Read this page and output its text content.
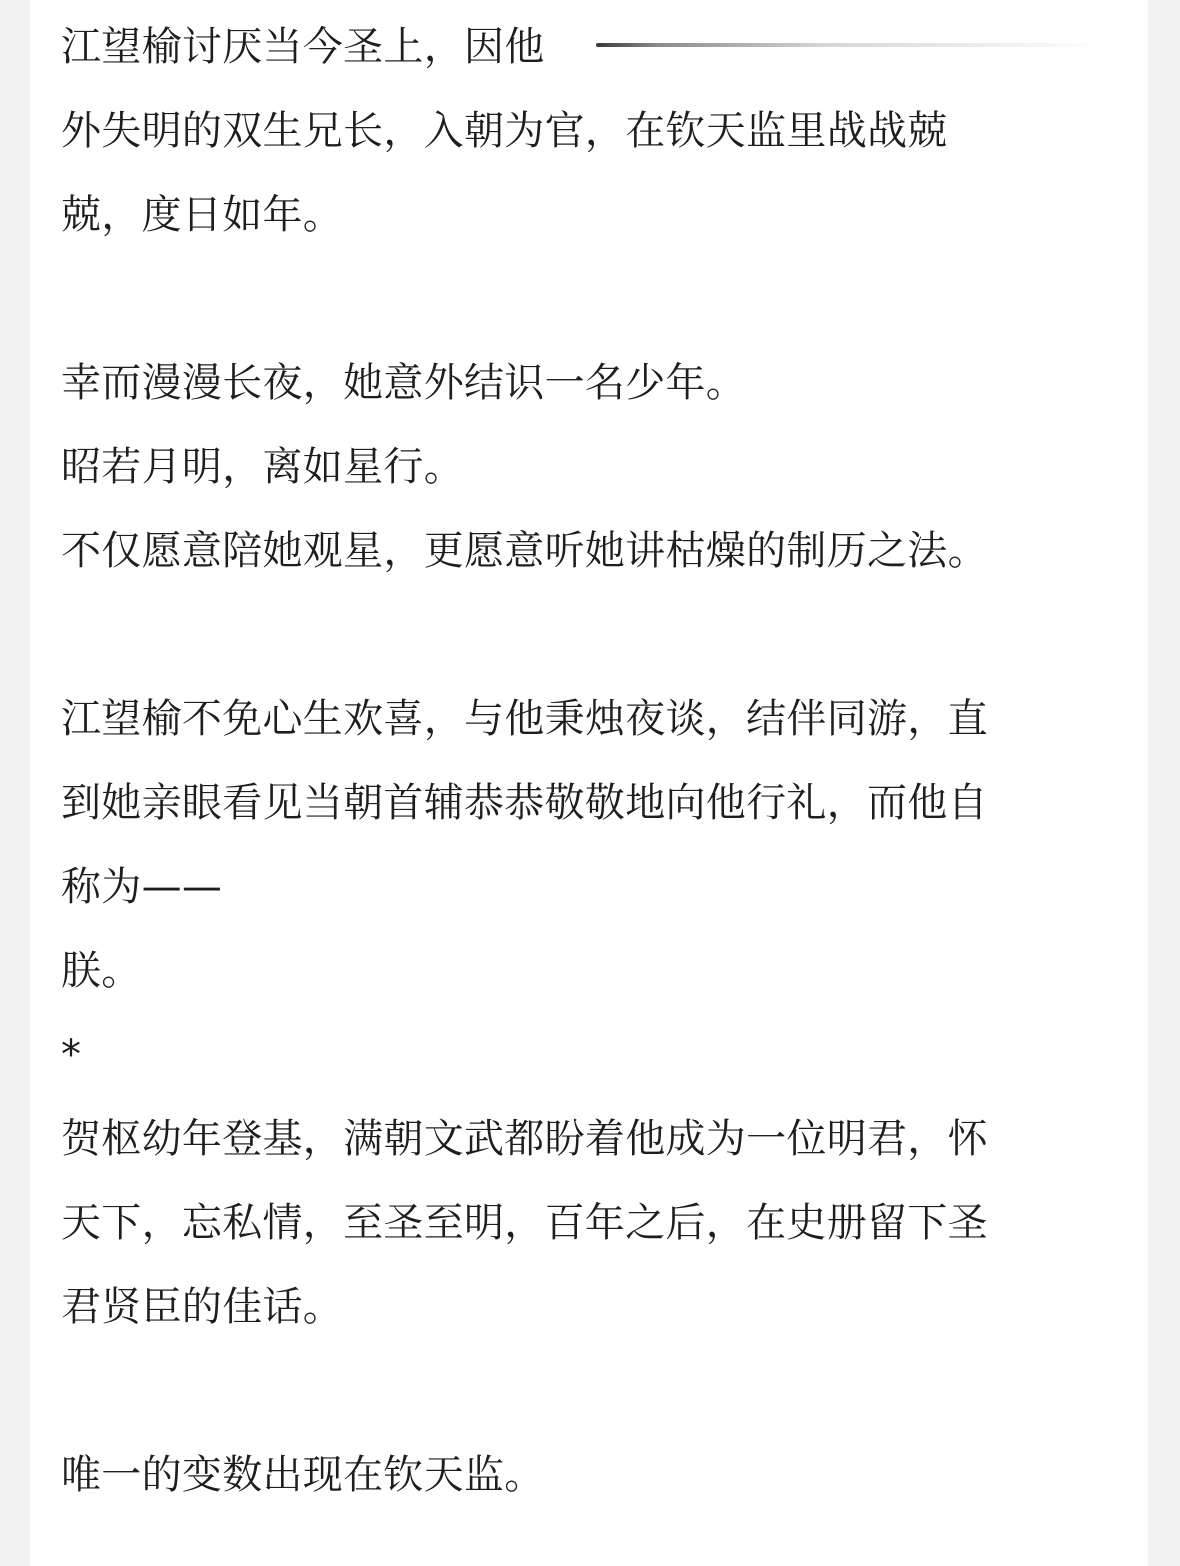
江望榆讨厌当今圣上，因他
外失明的双生兄长，入朝为官，在钦天监里战战兢
兢，度日如年。
幸而漫漫长夜，她意外结识一名少年。
昭若月明，离如星行。
不仅愿意陪她观星，更愿意听她讲枯燥的制历之法。
江望榆不免心生欢喜，与他秉烛夜谈，结伴同游，直
到她亲眼看见当朝首辅恭恭敬敬地向他行礼，而他自
称为——
朕。
*
贺枢幼年登基，满朝文武都盼着他成为一位明君，怀
天下，忘私情，至圣至明，百年之后，在史册留下圣
君贤臣的佳话。
唯一的变数出现在钦天监。
